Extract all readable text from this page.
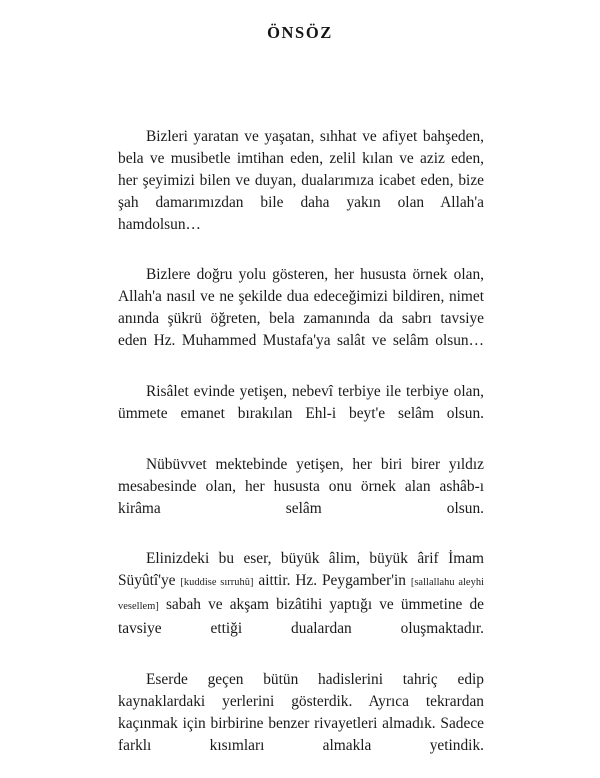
ÖNSÖZ

Bizleri yaratan ve yaşatan, sıhhat ve afiyet bahşeden, bela ve musibetle imtihan eden, zelil kılan ve aziz eden, her şeyimizi bilen ve duyan, dualarımıza icabet eden, bize şah damarımızdan bile daha yakın olan Allah'a hamdolsun…

Bizlere doğru yolu gösteren, her hususta örnek olan, Allah'a nasıl ve ne şekilde dua edeceğimizi bildiren, nimet anında şükrü öğreten, bela zamanında da sabrı tavsiye eden Hz. Muhammed Mustafa'ya salât ve selâm olsun…

Risâlet evinde yetişen, nebevî terbiye ile terbiye olan, ümmete emanet bırakılan Ehl-i beyt'e selâm olsun.

Nübüvvet mektebinde yetişen, her biri birer yıldız mesabesinde olan, her hususta onu örnek alan ashâb-ı kirâma selâm olsun.

Elinizdeki bu eser, büyük âlim, büyük ârif İmam Süyûtî'ye [kuddise sırruhû] aittir. Hz. Peygamber'in [sallallahu aleyhi vesellem] sabah ve akşam bizâtihi yaptığı ve ümmetine de tavsiye ettiği dualardan oluşmaktadır.

Eserde geçen bütün hadislerini tahriç edip kaynaklardaki yerlerini gösterdik. Ayrıca tekrardan kaçınmak için birbirine benzer rivayetleri almadık. Sadece farklı kısımları almakla yetindik.
